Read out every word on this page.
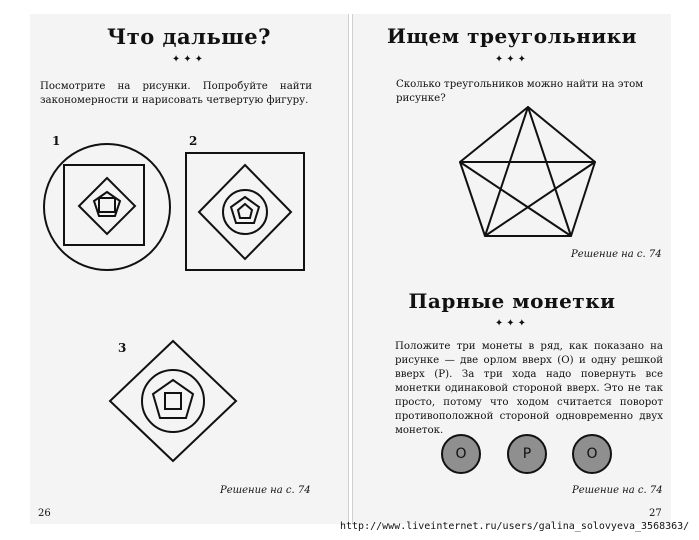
Что дальше?
✦✦✦
Посмотрите на рисунки. Попробуйте найти закономерности и нарисовать четвертую фигуру.
1	2
3
Решение на с. 74
26
Ищем треугольники
✦✦✦
Сколько треугольников можно найти на этом рисунке?
Решение на с. 74
Парные монетки
✦✦✦
Положите три монеты в ряд, как показано на рисунке — две орлом вверх (О) и одну решкой вверх (Р). За три хода надо повернуть все монетки одинаковой стороной вверх. Это не так просто, потому что ходом считается поворот противоположной стороной одновременно двух монеток.
О	Р	О
Решение на с. 74
27
http://www.liveinternet.ru/users/galina_solovyeva_3568363/
